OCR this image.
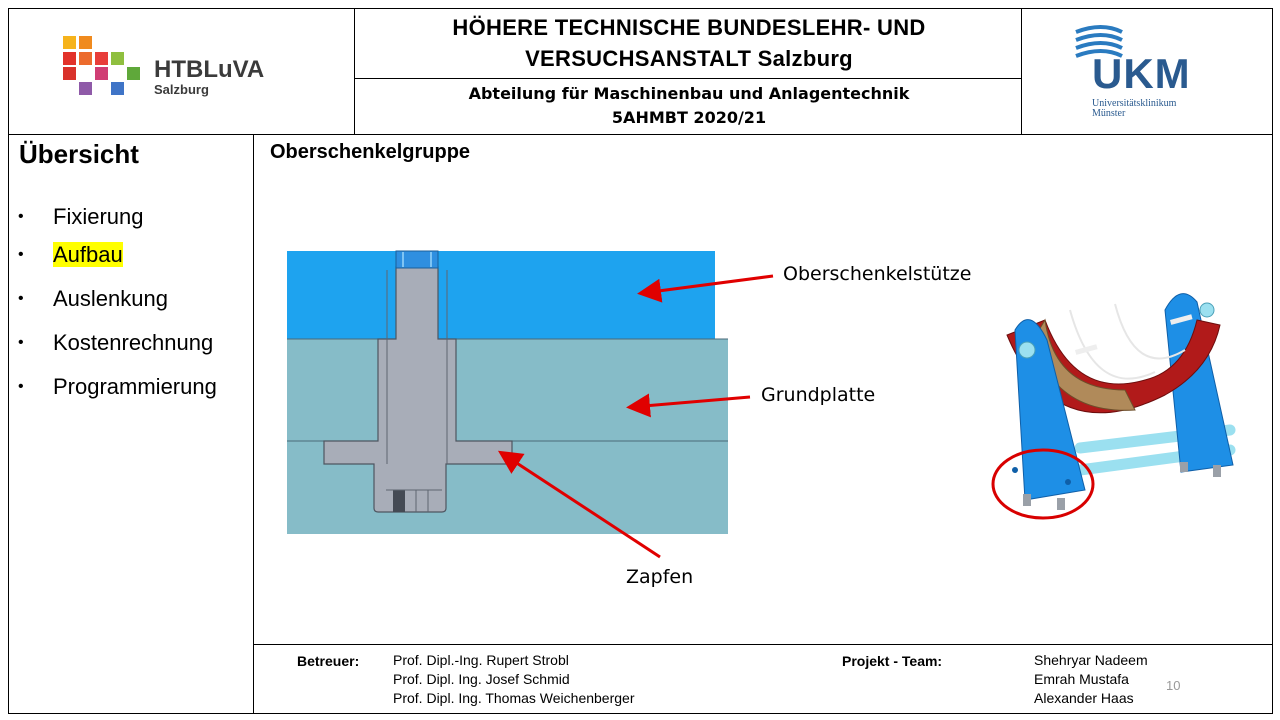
HTBLuVA
Salzburg
HÖHERE TECHNISCHE BUNDESLEHR- UND
VERSUCHSANSTALT Salzburg
Abteilung für Maschinenbau und Anlagentechnik
5AHMBT 2020/21
UKM
Universitätsklinikum
Münster
Übersicht
• Fixierung
• Aufbau
• Auslenkung
• Kostenrechnung
• Programmierung
Oberschenkelgruppe
Oberschenkelstütze
Grundplatte
Zapfen
Betreuer: Prof. Dipl.-Ing. Rupert Strobl
Prof. Dipl. Ing. Josef Schmid
Prof. Dipl. Ing. Thomas Weichenberger
Projekt - Team:	Shehryar Nadeem
Emrah Mustafa
Alexander Haas
10
